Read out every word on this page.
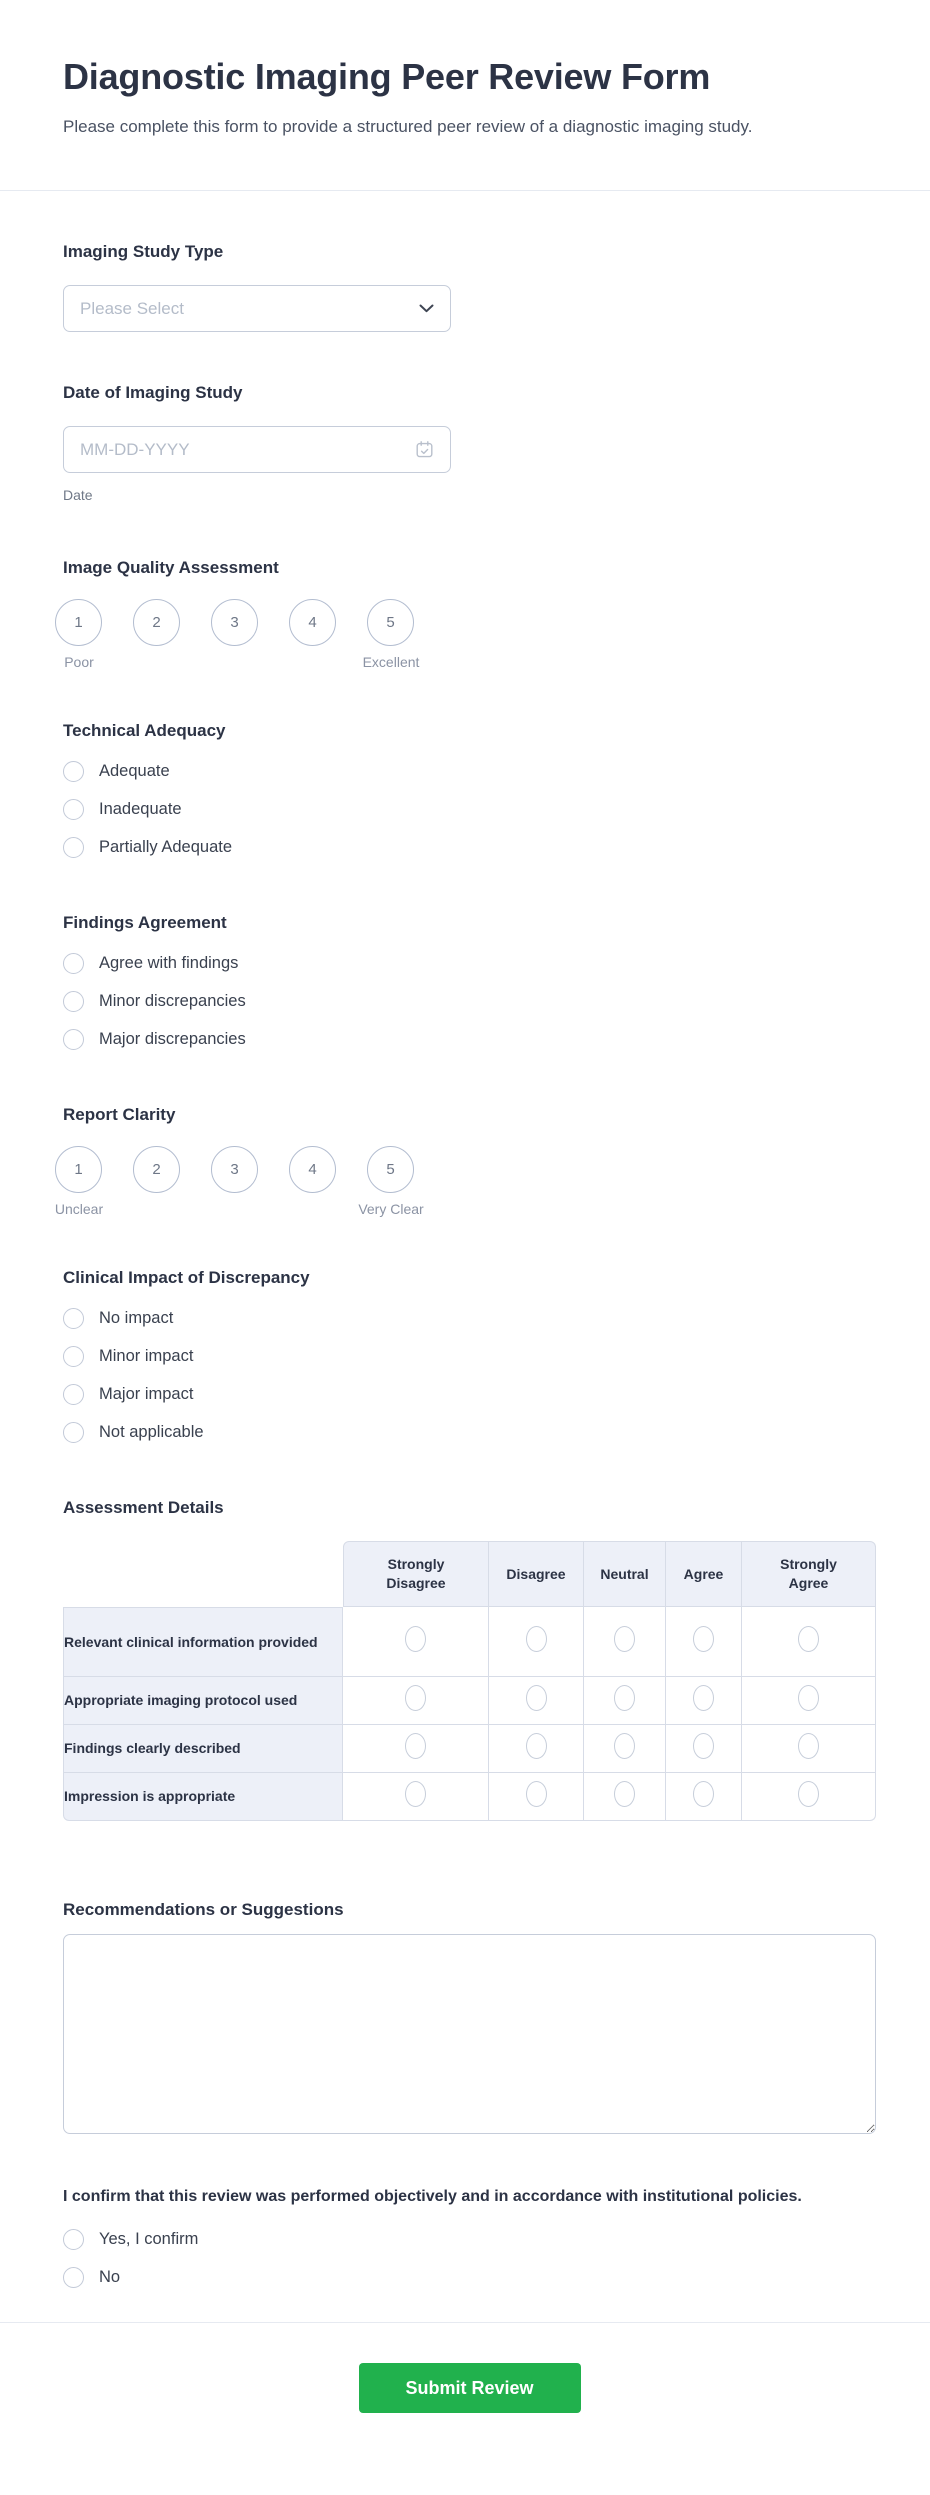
Diagnostic Imaging Peer Review Form
Please complete this form to provide a structured peer review of a diagnostic imaging study.
Imaging Study Type
Please Select
Date of Imaging Study
MM-DD-YYYY
Date
Image Quality Assessment
1	2	3	4	5
Poor	Excellent
Technical Adequacy
Adequate
Inadequate
Partially Adequate
Findings Agreement
Agree with findings
Minor discrepancies
Major discrepancies
Report Clarity
1	2	3	4	5
Unclear	Very Clear
Clinical Impact of Discrepancy
No impact
Minor impact
Major impact
Not applicable
Assessment Details
	Strongly Disagree	Disagree	Neutral	Agree	Strongly Agree
Relevant clinical information provided					
Appropriate imaging protocol used					
Findings clearly described					
Impression is appropriate					
Recommendations or Suggestions
I confirm that this review was performed objectively and in accordance with institutional policies.
Yes, I confirm
No
Submit Review
